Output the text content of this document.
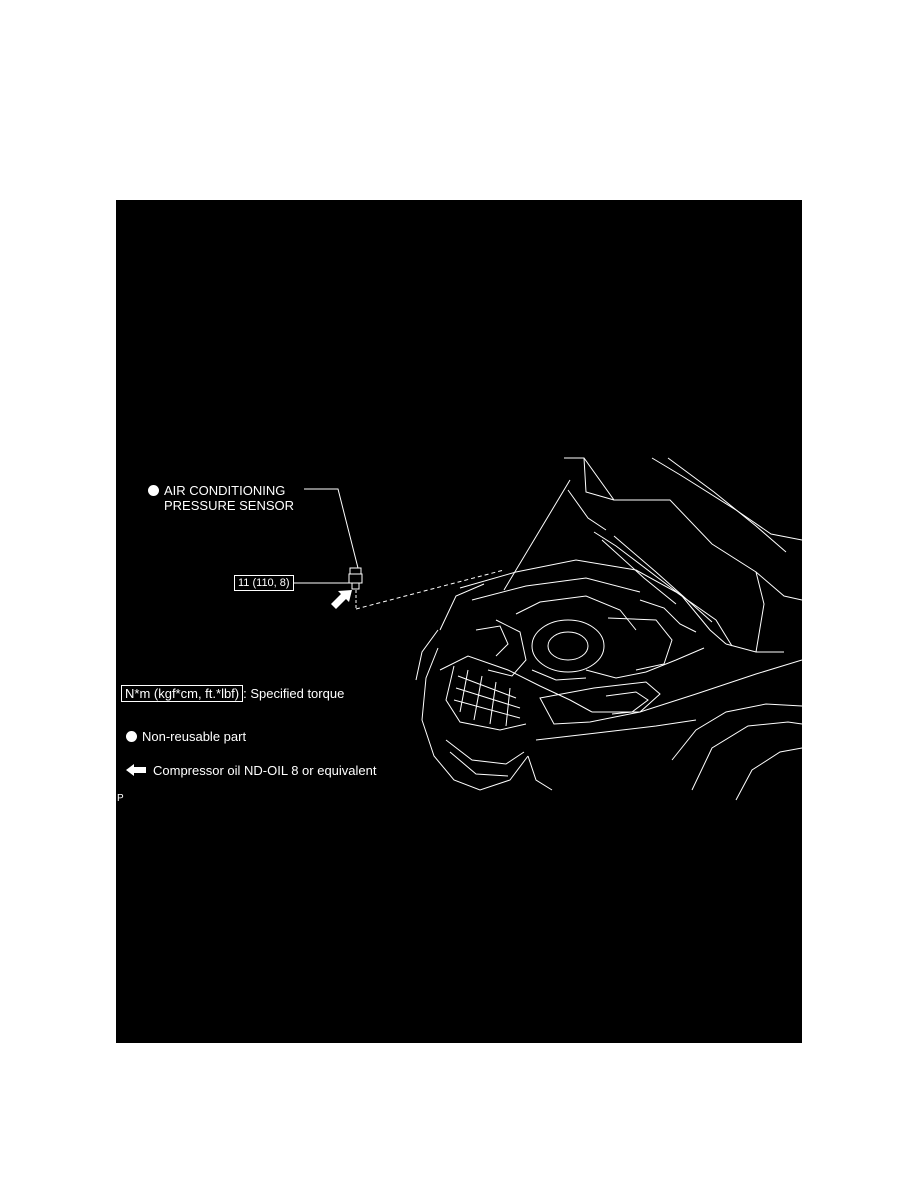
AIR CONDITIONING
PRESSURE SENSOR
11 (110, 8)
N*m (kgf*cm, ft.*lbf) : Specified torque
Non-reusable part
Compressor oil ND-OIL 8 or equivalent
P
